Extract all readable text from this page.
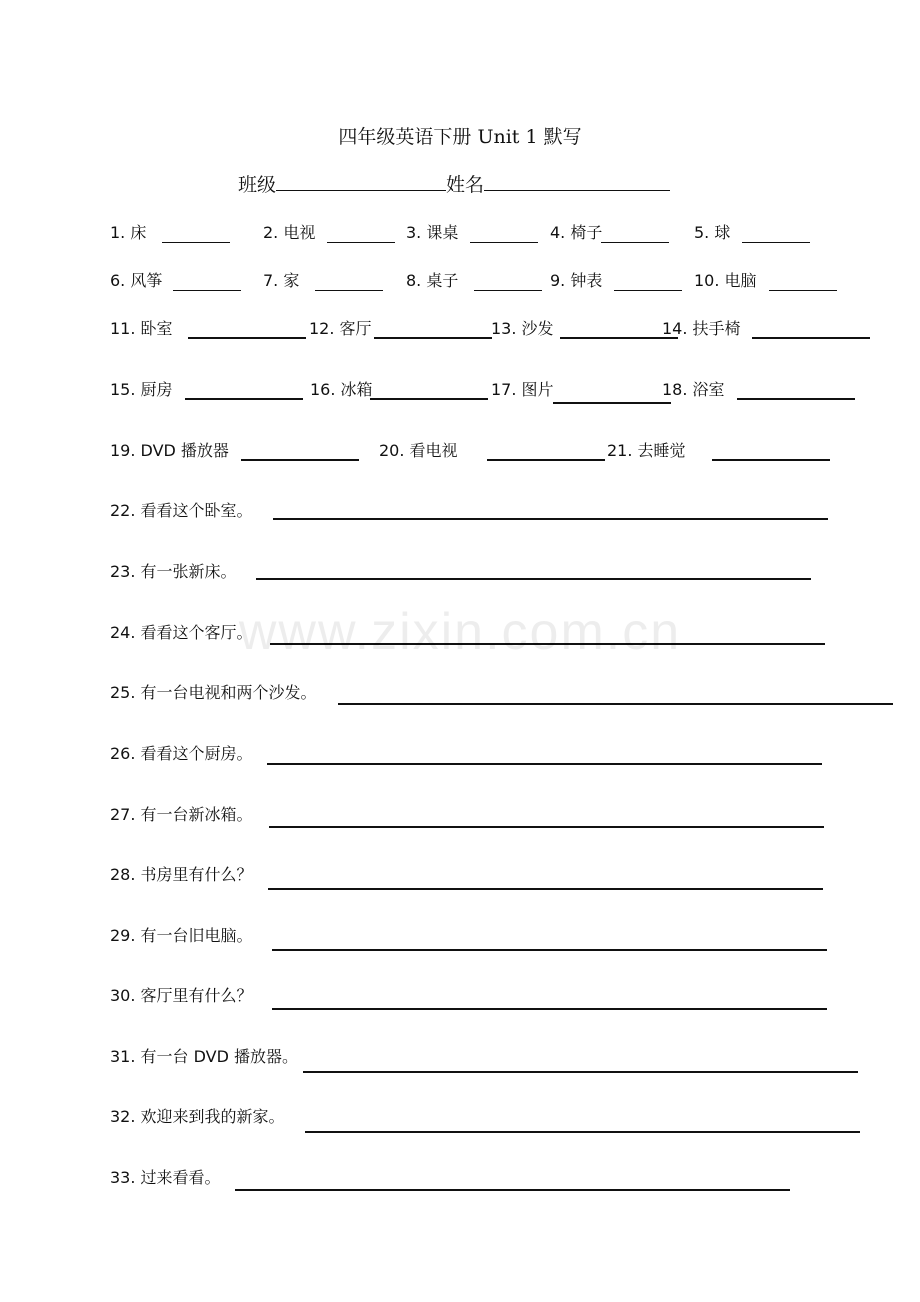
四年级英语下册 Unit 1 默写
班级	姓名
1. 床	2. 电视	3. 课桌	4. 椅子	5. 球
6. 风筝	7. 家	8. 桌子	9. 钟表	10. 电脑
11. 卧室	12. 客厅	13. 沙发	14. 扶手椅
15. 厨房	16. 冰箱	17. 图片	18. 浴室
19. DVD 播放器	20. 看电视	21. 去睡觉
22. 看看这个卧室。
23. 有一张新床。
24. 看看这个客厅。
25. 有一台电视和两个沙发。
26. 看看这个厨房。
27. 有一台新冰箱。
28. 书房里有什么？
29. 有一台旧电脑。
30. 客厅里有什么？
31. 有一台 DVD 播放器。
32. 欢迎来到我的新家。
33. 过来看看。
www.zixin.com.cn
